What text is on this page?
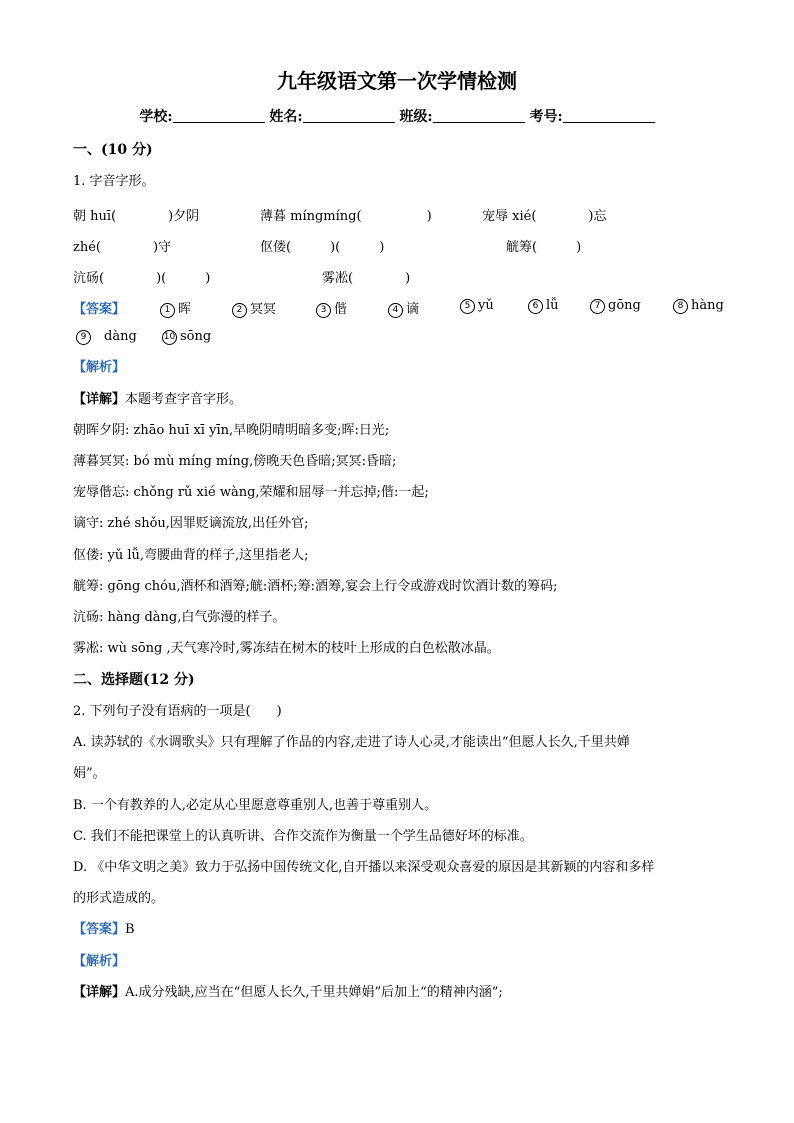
九年级语文第一次学情检测
学校:	姓名:	班级:	考号:
一、(10 分)
1. 字音字形。
朝 huī(　　　　)夕阴	薄暮 míngmíng(　　　　　)	宠辱 xié(　　　　)忘
zhé(　　　　)守	伛偻(　　　)(　　　)	觥筹(　　　)
沆砀(　　　　)(　　　)	雾凇(　　　　)
【答案】	1 晖	2 冥冥	3 偕	4 谪	5 yǔ	6 lǚ	7 gōng	8 hàng
9 dàng	10 sōng
【解析】
【详解】本题考查字音字形。
朝晖夕阴: zhāo huī xī yīn,早晚阴晴明暗多变;晖:日光;
薄暮冥冥: bó mù míng míng,傍晚天色昏暗;冥冥:昏暗;
宠辱偕忘: chǒng rǔ xié wàng,荣耀和屈辱一并忘掉;偕:一起;
谪守: zhé shǒu,因罪贬谪流放,出任外官;
伛偻: yǔ lǚ,弯腰曲背的样子,这里指老人;
觥筹: gōng chóu,酒杯和酒筹;觥:酒杯;筹:酒筹,宴会上行令或游戏时饮酒计数的筹码;
沆砀: hàng dàng,白气弥漫的样子。
雾凇: wù sōng ,天气寒冷时,雾冻结在树木的枝叶上形成的白色松散冰晶。
二、选择题(12 分)
2. 下列句子没有语病的一项是(　　)
A. 读苏轼的《水调歌头》只有理解了作品的内容,走进了诗人心灵,才能读出“但愿人长久,千里共婵
娟”。
B. 一个有教养的人,必定从心里愿意尊重别人,也善于尊重别人。
C. 我们不能把课堂上的认真听讲、合作交流作为衡量一个学生品德好坏的标准。
D. 《中华文明之美》致力于弘扬中国传统文化,自开播以来深受观众喜爱的原因是其新颖的内容和多样
的形式造成的。
【答案】B
【解析】
【详解】A.成分残缺,应当在“但愿人长久,千里共婵娟”后加上“的精神内涵”;
